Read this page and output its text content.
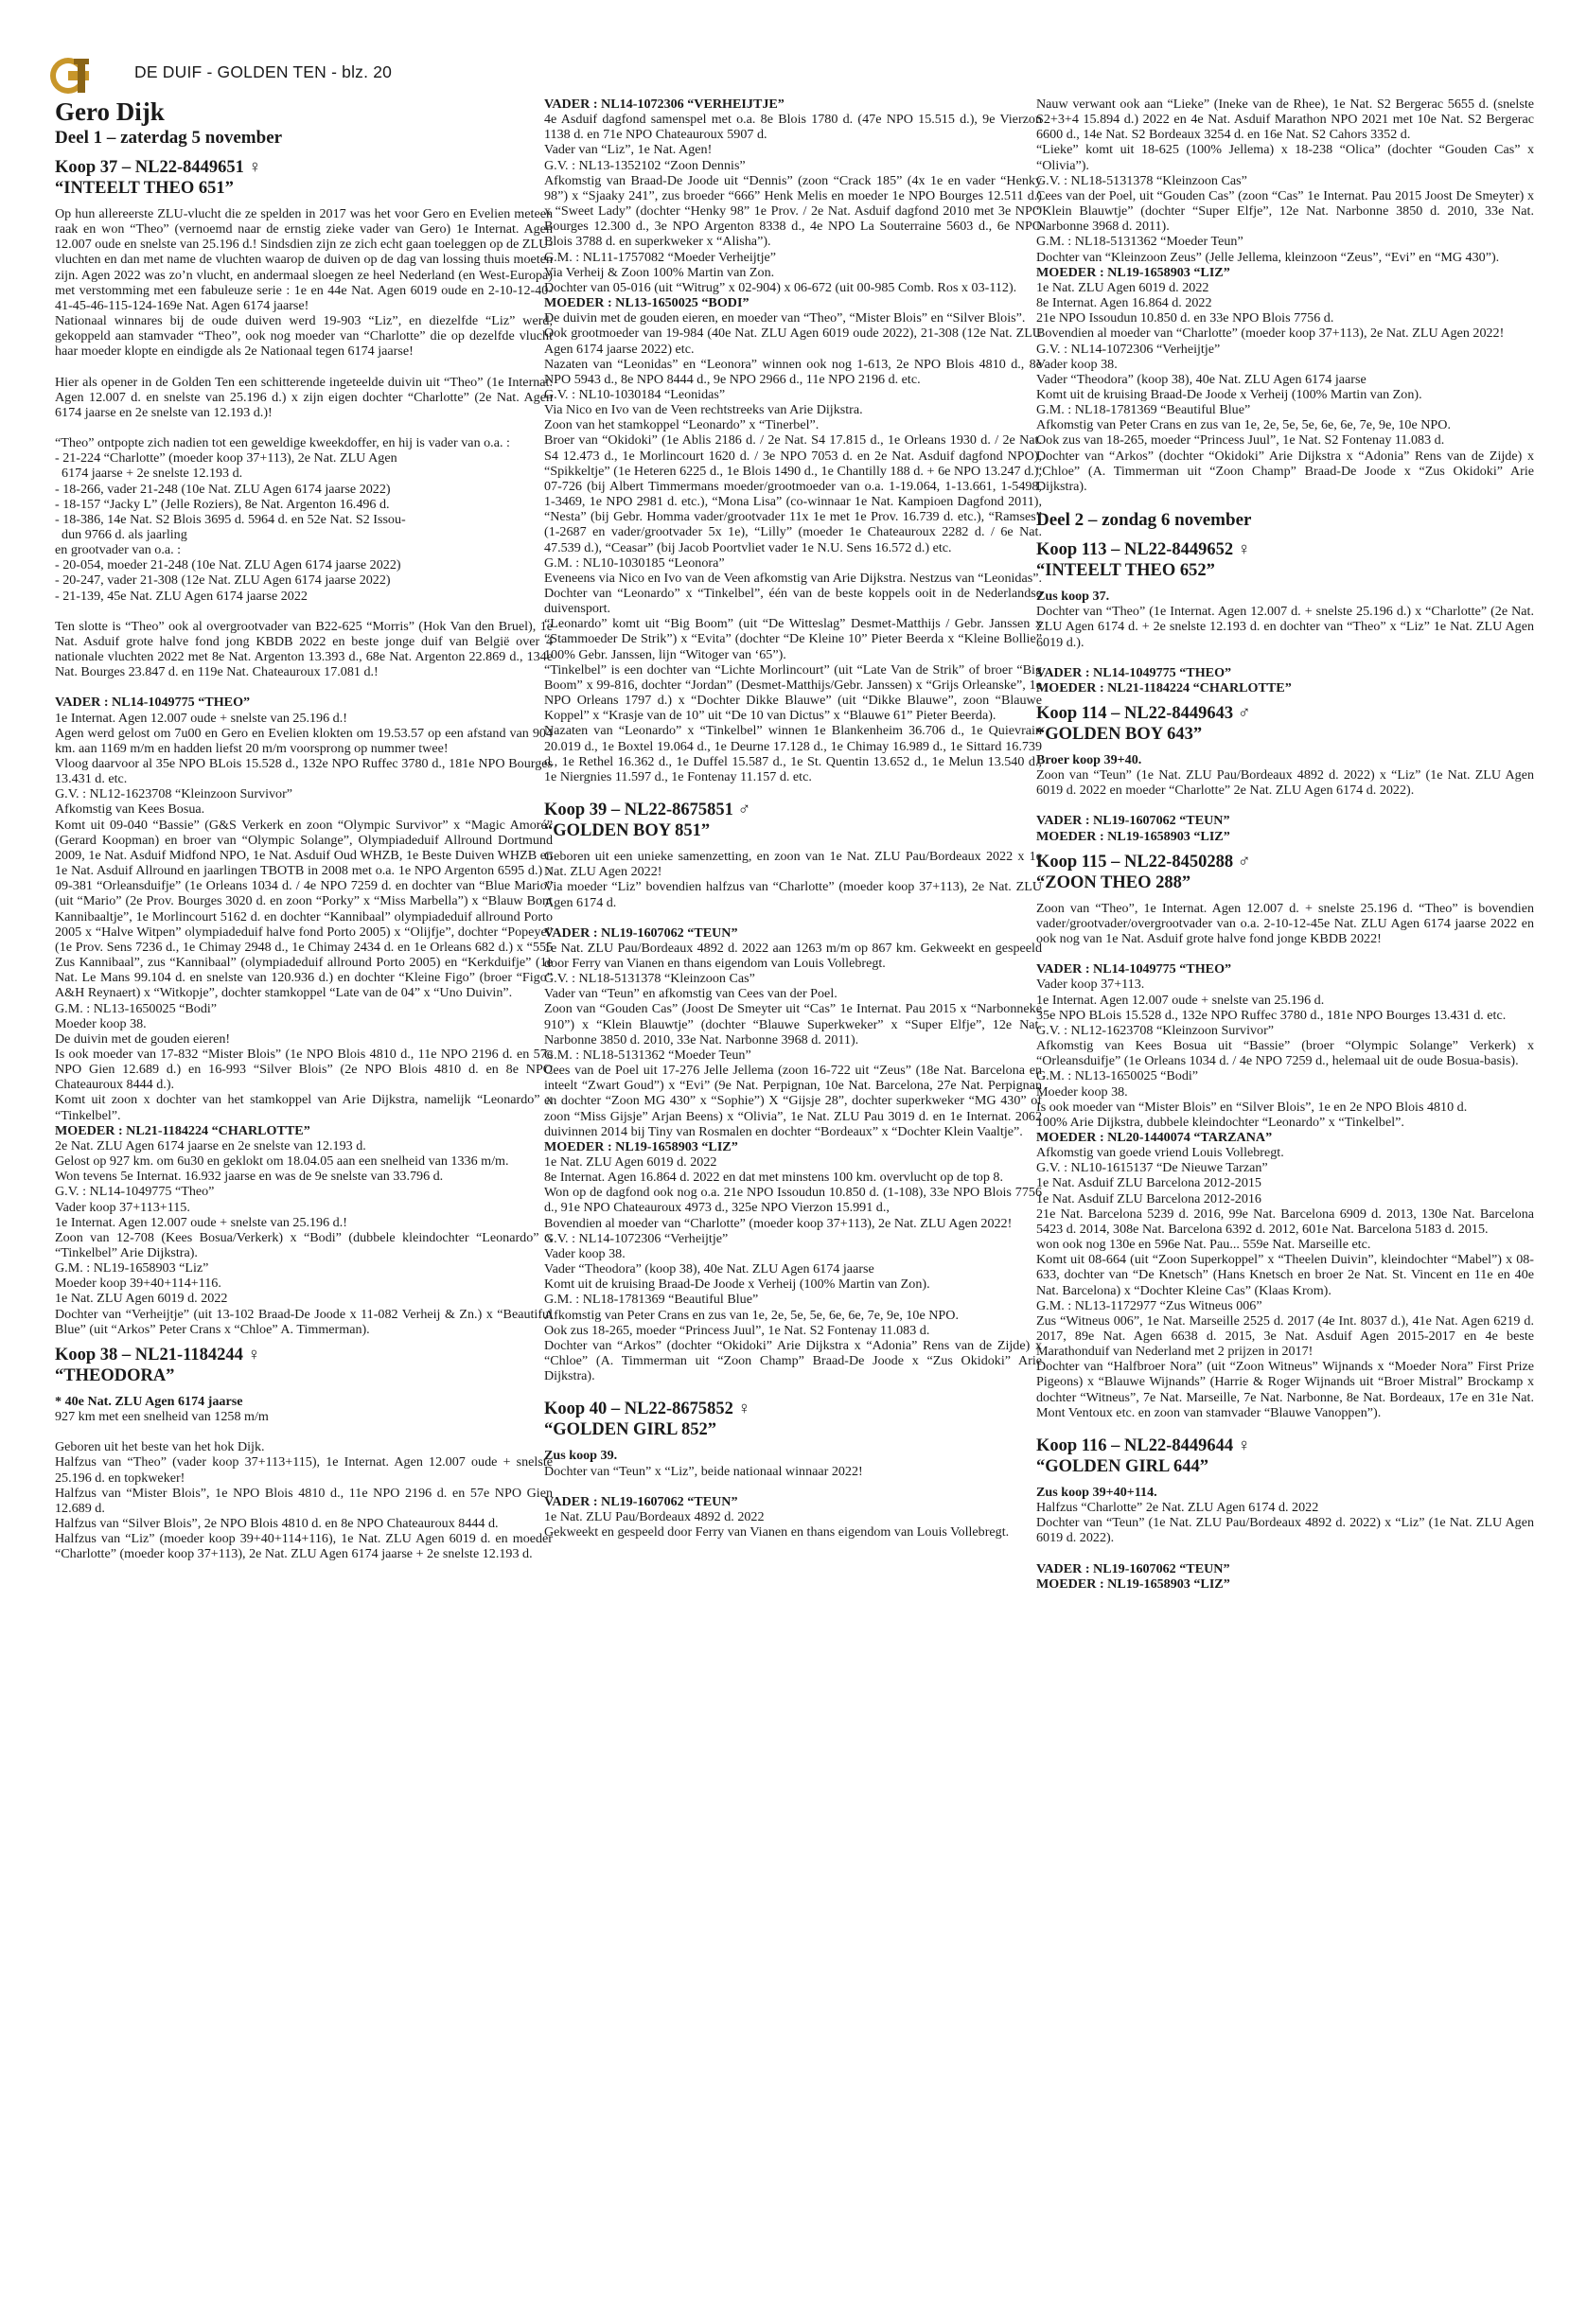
DE DUIF - GOLDEN TEN - blz. 20
Gero Dijk
Deel 1 – zaterdag 5 november
Koop 37 – NL22-8449651 ♀
“INTEELT THEO 651”

Op hun allereerste ZLU-vlucht die ze spelden in 2017 was het voor Gero en Evelien meteen raak en won “Theo” (vernoemd naar de ernstig zieke vader van Gero) 1e Internat. Agen 12.007 oude en snelste van 25.196 d.! Sindsdien zijn ze zich echt gaan toeleggen op de ZLU-vluchten en dan met name de vluchten waarop de duiven op de dag van lossing thuis moeten zijn. Agen 2022 was zo’n vlucht, en andermaal sloegen ze heel Nederland (en West-Europa) met verstomming met een fabuleuze serie : 1e en 44e Nat. Agen 6019 oude en 2-10-12-40-41-45-46-115-124-169e Nat. Agen 6174 jaarse!

Nationaal winnares bij de oude duiven werd 19-903 “Liz”, en diezelfde “Liz” werd, gekoppeld aan stamvader “Theo”, ook nog moeder van “Charlotte” die op dezelfde vlucht haar moeder klopte en eindigde als 2e Nationaal tegen 6174 jaarse!

Hier als opener in de Golden Ten een schitterende ingeteelde duivin uit “Theo” (1e Internat. Agen 12.007 d. en snelste van 25.196 d.) x zijn eigen dochter “Charlotte” (2e Nat. Agen 6174 jaarse en 2e snelste van 12.193 d.)!

“Theo” ontpopte zich nadien tot een geweldige kweekdoffer, en hij is vader van o.a. :

- 21-224 “Charlotte” (moeder koop 37+113), 2e Nat. ZLU Agen
6174 jaarse + 2e snelste 12.193 d.
- 18-266, vader 21-248 (10e Nat. ZLU Agen 6174 jaarse 2022)
- 18-157 “Jacky L” (Jelle Roziers), 8e Nat. Argenton 16.496 d.
- 18-386, 14e Nat. S2 Blois 3695 d. 5964 d. en 52e Nat. S2 Issou-
dun 9766 d. als jaarling
en grootvader van o.a. :
- 20-054, moeder 21-248 (10e Nat. ZLU Agen 6174 jaarse 2022)
- 20-247, vader 21-308 (12e Nat. ZLU Agen 6174 jaarse 2022)
- 21-139, 45e Nat. ZLU Agen 6174 jaarse 2022

Ten slotte is “Theo” ook al overgrootvader van B22-625 “Morris” (Hok Van den Bruel), 1e Nat. Asduif grote halve fond jong KBDB 2022 en beste jonge duif van België over 4 nationale vluchten 2022 met 8e Nat. Argenton 13.393 d., 68e Nat. Argenton 22.869 d., 134e Nat. Bourges 23.847 d. en 119e Nat. Chateauroux 17.081 d.!

VADER : NL14-1049775 “THEO”

1e Internat. Agen 12.007 oude + snelste van 25.196 d.!

Agen werd gelost om 7u00 en Gero en Evelien klokten om 19.53.57 op een afstand van 904 km. aan 1169 m/m en hadden liefst 20 m/m voorsprong op nummer twee!

Vloog daarvoor al 35e NPO BLois 15.528 d., 132e NPO Ruffec 3780 d., 181e NPO Bourges 13.431 d. etc.

G.V. : NL12-1623708 “Kleinzoon Survivor”

Afkomstig van Kees Bosua.

Komt uit 09-040 “Bassie” (G&S Verkerk en zoon “Olympic Survivor” x “Magic Amoré” (Gerard Koopman) en broer van “Olympic Solange”, Olympiadeduif Allround Dortmund 2009, 1e Nat. Asduif Midfond NPO, 1e Nat. Asduif Oud WHZB, 1e Beste Duiven WHZB en 1e Nat. Asduif Allround en jaarlingen TBOTB in 2008 met o.a. 1e NPO Argenton 6595 d.) x 09-381 “Orleansduifje” (1e Orleans 1034 d. / 4e NPO 7259 d. en dochter van “Blue Mario” (uit “Mario” (2e Prov. Bourges 3020 d. en zoon “Porky” x “Miss Marbella”) x “Blauw Bont Kannibaaltje”, 1e Morlincourt 5162 d. en dochter “Kannibaal” olympiadeduif allround Porto 2005 x “Halve Witpen” olympiadeduif halve fond Porto 2005) x “Olijfje”, dochter “Popeye” (1e Prov. Sens 7236 d., 1e Chimay 2948 d., 1e Chimay 2434 d. en 1e Orleans 682 d.) x “555 Zus Kannibaal”, zus “Kannibaal” (olympiadeduif allround Porto 2005) en “Kerkduifje” (1e Nat. Le Mans 99.104 d. en snelste van 120.936 d.) en dochter “Kleine Figo” (broer “Figo” A&H Reynaert) x “Witkopje”, dochter stamkoppel “Late van de 04” x “Uno Duivin”.

G.M. : NL13-1650025 “Bodi”

Moeder koop 38.

De duivin met de gouden eieren!

Is ook moeder van 17-832 “Mister Blois” (1e NPO Blois 4810 d., 11e NPO 2196 d. en 57e NPO Gien 12.689 d.) en 16-993 “Silver Blois” (2e NPO Blois 4810 d. en 8e NPO Chateauroux 8444 d.).

Komt uit zoon x dochter van het stamkoppel van Arie Dijkstra, namelijk “Leonardo” x “Tinkelbel”.

MOEDER : NL21-1184224 “CHARLOTTE”

2e Nat. ZLU Agen 6174 jaarse en 2e snelste van 12.193 d.

Gelost op 927 km. om 6u30 en geklokt om 18.04.05 aan een snelheid van 1336 m/m.

Won tevens 5e Internat. 16.932 jaarse en was de 9e snelste van 33.796 d.

G.V. : NL14-1049775 “Theo”

Vader koop 37+113+115.

1e Internat. Agen 12.007 oude + snelste van 25.196 d.!

Zoon van 12-708 (Kees Bosua/Verkerk) x “Bodi” (dubbele kleindochter “Leonardo” x “Tinkelbel” Arie Dijkstra).

G.M. : NL19-1658903 “Liz”

Moeder koop 39+40+114+116.

1e Nat. ZLU Agen 6019 d. 2022

Dochter van “Verheijtje” (uit 13-102 Braad-De Joode x 11-082 Verheij & Zn.) x “Beautiful Blue” (uit “Arkos” Peter Crans x “Chloe” A. Timmerman).

Koop 38 – NL21-1184244 ♀
“THEODORA”

* 40e Nat. ZLU Agen 6174 jaarse

927 km met een snelheid van 1258 m/m

Geboren uit het beste van het hok Dijk.

Halfzus van “Theo” (vader koop 37+113+115), 1e Internat. Agen 12.007 oude + snelste 25.196 d. en topkweker!

Halfzus van “Mister Blois”, 1e NPO Blois 4810 d., 11e NPO 2196 d. en 57e NPO Gien 12.689 d.

Halfzus van “Silver Blois”, 2e NPO Blois 4810 d. en 8e NPO Chateauroux 8444 d.

Halfzus van “Liz” (moeder koop 39+40+114+116), 1e Nat. ZLU Agen 6019 d. en moeder “Charlotte” (moeder koop 37+113), 2e Nat. ZLU Agen 6174 jaarse + 2e snelste 12.193 d.

VADER : NL14-1072306 “VERHEIJTJE”

4e Asduif dagfond samenspel met o.a. 8e Blois 1780 d. (47e NPO 15.515 d.), 9e Vierzon 1138 d. en 71e NPO Chateauroux 5907 d.

Vader van “Liz”, 1e Nat. Agen!

G.V. : NL13-1352102 “Zoon Dennis”

Afkomstig van Braad-De Joode uit “Dennis” (zoon “Crack 185” (4x 1e en vader “Henky 98”) x “Sjaaky 241”, zus broeder “666” Henk Melis en moeder 1e NPO Bourges 12.511 d.) x “Sweet Lady” (dochter “Henky 98” 1e Prov. / 2e Nat. Asduif dagfond 2010 met 3e NPO Bourges 12.300 d., 3e NPO Argenton 8338 d., 4e NPO La Souterraine 5603 d., 6e NPO Blois 3788 d. en superkweker x “Alisha”).

G.M. : NL11-1757082 “Moeder Verheijtje”

Via Verheij & Zoon 100% Martin van Zon.

Dochter van 05-016 (uit “Witrug” x 02-904) x 06-672 (uit 00-985 Comb. Ros x 03-112).

MOEDER : NL13-1650025 “BODI”

De duivin met de gouden eieren, en moeder van “Theo”, “Mister Blois” en “Silver Blois”.

Ook grootmoeder van 19-984 (40e Nat. ZLU Agen 6019 oude 2022), 21-308 (12e Nat. ZLU Agen 6174 jaarse 2022) etc.

Nazaten van “Leonidas” en “Leonora” winnen ook nog 1-613, 2e NPO Blois 4810 d., 8e NPO 5943 d., 8e NPO 8444 d., 9e NPO 2966 d., 11e NPO 2196 d. etc.

G.V. : NL10-1030184 “Leonidas”

Via Nico en Ivo van de Veen rechtstreeks van Arie Dijkstra.

Zoon van het stamkoppel “Leonardo” x “Tinerbel”.

Broer van “Okidoki” (1e Ablis 2186 d. / 2e Nat. S4 17.815 d., 1e Orleans 1930 d. / 2e Nat. S4 12.473 d., 1e Morlincourt 1620 d. / 3e NPO 7053 d. en 2e Nat. Asduif dagfond NPO), “Spikkeltje” (1e Heteren 6225 d., 1e Blois 1490 d., 1e Chantilly 188 d. + 6e NPO 13.247 d.), 07-726 (bij Albert Timmermans moeder/grootmoeder van o.a. 1-19.064, 1-13.661, 1-5498, 1-3469, 1e NPO 2981 d. etc.), “Mona Lisa” (co-winnaar 1e Nat. Kampioen Dagfond 2011), “Nesta” (bij Gebr. Homma vader/grootvader 11x 1e met 1e Prov. 16.739 d. etc.), “Ramses” (1-2687 en vader/grootvader 5x 1e), “Lilly” (moeder 1e Chateauroux 2282 d. / 6e Nat. 47.539 d.), “Ceasar” (bij Jacob Poortvliet vader 1e N.U. Sens 16.572 d.) etc.

G.M. : NL10-1030185 “Leonora”

Eveneens via Nico en Ivo van de Veen afkomstig van Arie Dijkstra. Nestzus van “Leonidas”. Dochter van “Leonardo” x “Tinkelbel”, één van de beste koppels ooit in de Nederlandse duivensport.

“Leonardo” komt uit “Big Boom” (uit “De Witteslag” Desmet-Matthijs / Gebr. Janssen x “Stammoeder De Strik”) x “Evita” (dochter “De Kleine 10” Pieter Beerda x “Kleine Bollie” 100% Gebr. Janssen, lijn “Witoger van ‘65”).

“Tinkelbel” is een dochter van “Lichte Morlincourt” (uit “Late Van de Strik” of broer “Big Boom” x 99-816, dochter “Jordan” (Desmet-Matthijs/Gebr. Janssen) x “Grijs Orleanske”, 1e NPO Orleans 1797 d.) x “Dochter Dikke Blauwe” (uit “Dikke Blauwe”, zoon “Blauwe Koppel” x “Krasje van de 10” uit “De 10 van Dictus” x “Blauwe 61” Pieter Beerda).

Nazaten van “Leonardo” x “Tinkelbel” winnen 1e Blankenheim 36.706 d., 1e Quievrain 20.019 d., 1e Boxtel 19.064 d., 1e Deurne 17.128 d., 1e Chimay 16.989 d., 1e Sittard 16.739 d., 1e Rethel 16.362 d., 1e Duffel 15.587 d., 1e St. Quentin 13.652 d., 1e Melun 13.540 d., 1e Niergnies 11.597 d., 1e Fontenay 11.157 d. etc.

Koop 39 – NL22-8675851 ♂
“GOLDEN BOY 851”

Geboren uit een unieke samenzetting, en zoon van 1e Nat. ZLU Pau/Bordeaux 2022 x 1e Nat. ZLU Agen 2022!

Via moeder “Liz” bovendien halfzus van “Charlotte” (moeder koop 37+113), 2e Nat. ZLU Agen 6174 d.

VADER : NL19-1607062 “TEUN”

1e Nat. ZLU Pau/Bordeaux 4892 d. 2022 aan 1263 m/m op 867 km. Gekweekt en gespeeld door Ferry van Vianen en thans eigendom van Louis Vollebregt.

G.V. : NL18-5131378 “Kleinzoon Cas”

Vader van “Teun” en afkomstig van Cees van der Poel.

Zoon van “Gouden Cas” (Joost De Smeyter uit “Cas” 1e Internat. Pau 2015 x “Narbonneke 910”) x “Klein Blauwtje” (dochter “Blauwe Superkweker” x “Super Elfje”, 12e Nat. Narbonne 3850 d. 2010, 33e Nat. Narbonne 3968 d. 2011).

G.M. : NL18-5131362 “Moeder Teun”

Cees van de Poel uit 17-276 Jelle Jellema (zoon 16-722 uit “Zeus” (18e Nat. Barcelona en inteelt “Zwart Goud”) x “Evi” (9e Nat. Perpignan, 10e Nat. Barcelona, 27e Nat. Perpignan en dochter “Zoon MG 430” x “Sophie”) X “Gijsje 28”, dochter superkweker “MG 430” of zoon “Miss Gijsje” Arjan Beens) x “Olivia”, 1e Nat. ZLU Pau 3019 d. en 1e Internat. 2062 duivinnen 2014 bij Tiny van Rosmalen en dochter “Bordeaux” x “Dochter Klein Vaaltje”.

MOEDER : NL19-1658903 “LIZ”

1e Nat. ZLU Agen 6019 d. 2022

8e Internat. Agen 16.864 d. 2022 en dat met minstens 100 km. overvlucht op de top 8.

Won op de dagfond ook nog o.a. 21e NPO Issoudun 10.850 d. (1-108), 33e NPO Blois 7756 d., 91e NPO Chateauroux 4973 d., 325e NPO Vierzon 15.991 d.,

Bovendien al moeder van “Charlotte” (moeder koop 37+113), 2e Nat. ZLU Agen 2022!

G.V. : NL14-1072306 “Verheijtje”

Vader koop 38.

Vader “Theodora” (koop 38), 40e Nat. ZLU Agen 6174 jaarse

Komt uit de kruising Braad-De Joode x Verheij (100% Martin van Zon).

G.M. : NL18-1781369 “Beautiful Blue”

Afkomstig van Peter Crans en zus van 1e, 2e, 5e, 5e, 6e, 6e, 7e, 9e, 10e NPO.

Ook zus 18-265, moeder “Princess Juul”, 1e Nat. S2 Fontenay 11.083 d.

Dochter van “Arkos” (dochter “Okidoki” Arie Dijkstra x “Adonia” Rens van de Zijde) x “Chloe” (A. Timmerman uit “Zoon Champ” Braad-De Joode x “Zus Okidoki” Arie Dijkstra).

Koop 40 – NL22-8675852 ♀
“GOLDEN GIRL 852”

Zus koop 39.

Dochter van “Teun” x “Liz”, beide nationaal winnaar 2022!

VADER : NL19-1607062 “TEUN”

1e Nat. ZLU Pau/Bordeaux 4892 d. 2022

Gekweekt en gespeeld door Ferry van Vianen en thans eigendom van Louis Vollebregt.

Nauw verwant ook aan “Lieke” (Ineke van de Rhee), 1e Nat. S2 Bergerac 5655 d. (snelste S2+3+4 15.894 d.) 2022 en 4e Nat. Asduif Marathon NPO 2021 met 10e Nat. S2 Bergerac 6600 d., 14e Nat. S2 Bordeaux 3254 d. en 16e Nat. S2 Cahors 3352 d.

“Lieke” komt uit 18-625 (100% Jellema) x 18-238 “Olica” (dochter “Gouden Cas” x “Olivia”).

G.V. : NL18-5131378 “Kleinzoon Cas”

Cees van der Poel, uit “Gouden Cas” (zoon “Cas” 1e Internat. Pau 2015 Joost De Smeyter) x “Klein Blauwtje” (dochter “Super Elfje”, 12e Nat. Narbonne 3850 d. 2010, 33e Nat. Narbonne 3968 d. 2011).

G.M. : NL18-5131362 “Moeder Teun”

Dochter van “Kleinzoon Zeus” (Jelle Jellema, kleinzoon “Zeus”, “Evi” en “MG 430”).

MOEDER : NL19-1658903 “LIZ”

1e Nat. ZLU Agen 6019 d. 2022

8e Internat. Agen 16.864 d. 2022

21e NPO Issoudun 10.850 d. en 33e NPO Blois 7756 d.

Bovendien al moeder van “Charlotte” (moeder koop 37+113), 2e Nat. ZLU Agen 2022!

G.V. : NL14-1072306 “Verheijtje”

Vader koop 38.

Vader “Theodora” (koop 38), 40e Nat. ZLU Agen 6174 jaarse

Komt uit de kruising Braad-De Joode x Verheij (100% Martin van Zon).

G.M. : NL18-1781369 “Beautiful Blue”

Afkomstig van Peter Crans en zus van 1e, 2e, 5e, 5e, 6e, 6e, 7e, 9e, 10e NPO.

Ook zus van 18-265, moeder “Princess Juul”, 1e Nat. S2 Fontenay 11.083 d.

Dochter van “Arkos” (dochter “Okidoki” Arie Dijkstra x “Adonia” Rens van de Zijde) x “Chloe” (A. Timmerman uit “Zoon Champ” Braad-De Joode x “Zus Okidoki” Arie Dijkstra).

Deel 2 – zondag 6 november
Koop 113 – NL22-8449652 ♀
“INTEELT THEO 652”

Zus koop 37.

Dochter van “Theo” (1e Internat. Agen 12.007 d. + snelste 25.196 d.) x “Charlotte” (2e Nat. ZLU Agen 6174 d. + 2e snelste 12.193 d. en dochter van “Theo” x “Liz” 1e Nat. ZLU Agen 6019 d.).

VADER : NL14-1049775 “THEO”

MOEDER : NL21-1184224 “CHARLOTTE”

Koop 114 – NL22-8449643 ♂
“GOLDEN BOY 643”

Broer koop 39+40.

Zoon van “Teun” (1e Nat. ZLU Pau/Bordeaux 4892 d. 2022) x “Liz” (1e Nat. ZLU Agen 6019 d. 2022 en moeder “Charlotte” 2e Nat. ZLU Agen 6174 d. 2022).

VADER : NL19-1607062 “TEUN”

MOEDER : NL19-1658903 “LIZ”

Koop 115 – NL22-8450288 ♂
“ZOON THEO 288”

Zoon van “Theo”, 1e Internat. Agen 12.007 d. + snelste 25.196 d. “Theo” is bovendien vader/grootvader/overgrootvader van o.a. 2-10-12-45e Nat. ZLU Agen 6174 jaarse 2022 en ook nog van 1e Nat. Asduif grote halve fond jonge KBDB 2022!

VADER : NL14-1049775 “THEO”

Vader koop 37+113.

1e Internat. Agen 12.007 oude + snelste van 25.196 d.

35e NPO BLois 15.528 d., 132e NPO Ruffec 3780 d., 181e NPO Bourges 13.431 d. etc.

G.V. : NL12-1623708 “Kleinzoon Survivor”

Afkomstig van Kees Bosua uit “Bassie” (broer “Olympic Solange” Verkerk) x “Orleansduifje” (1e Orleans 1034 d. / 4e NPO 7259 d., helemaal uit de oude Bosua-basis).

G.M. : NL13-1650025 “Bodi”

Moeder koop 38.

Is ook moeder van “Mister Blois” en “Silver Blois”, 1e en 2e NPO Blois 4810 d.

100% Arie Dijkstra, dubbele kleindochter “Leonardo” x “Tinkelbel”.

MOEDER : NL20-1440074 “TARZANA”

Afkomstig van goede vriend Louis Vollebregt.

G.V. : NL10-1615137 “De Nieuwe Tarzan”

1e Nat. Asduif ZLU Barcelona 2012-2015

1e Nat. Asduif ZLU Barcelona 2012-2016

21e Nat. Barcelona 5239 d. 2016, 99e Nat. Barcelona 6909 d. 2013, 130e Nat. Barcelona 5423 d. 2014, 308e Nat. Barcelona 6392 d. 2012, 601e Nat. Barcelona 5183 d. 2015.

won ook nog 130e en 596e Nat. Pau... 559e Nat. Marseille etc.

Komt uit 08-664 (uit “Zoon Superkoppel” x “Theelen Duivin”, kleindochter “Mabel”) x 08-633, dochter van “De Knetsch” (Hans Knetsch en broer 2e Nat. St. Vincent en 11e en 40e Nat. Barcelona) x “Dochter Kleine Cas” (Klaas Krom).

G.M. : NL13-1172977 “Zus Witneus 006”

Zus “Witneus 006”, 1e Nat. Marseille 2525 d. 2017 (4e Int. 8037 d.), 41e Nat. Agen 6219 d. 2017, 89e Nat. Agen 6638 d. 2015, 3e Nat. Asduif Agen 2015-2017 en 4e beste Marathonduif van Nederland met 2 prijzen in 2017!

Dochter van “Halfbroer Nora” (uit “Zoon Witneus” Wijnands x “Moeder Nora” First Prize Pigeons) x “Blauwe Wijnands” (Harrie & Roger Wijnands uit “Broer Mistral” Brockamp x dochter “Witneus”, 7e Nat. Marseille, 7e Nat. Narbonne, 8e Nat. Bordeaux, 17e en 31e Nat. Mont Ventoux etc. en zoon van stamvader “Blauwe Vanoppen”).

Koop 116 – NL22-8449644 ♀
“GOLDEN GIRL 644”

Zus koop 39+40+114.

Halfzus “Charlotte” 2e Nat. ZLU Agen 6174 d. 2022

Dochter van “Teun” (1e Nat. ZLU Pau/Bordeaux 4892 d. 2022) x “Liz” (1e Nat. ZLU Agen 6019 d. 2022).

VADER : NL19-1607062 “TEUN”

MOEDER : NL19-1658903 “LIZ”
